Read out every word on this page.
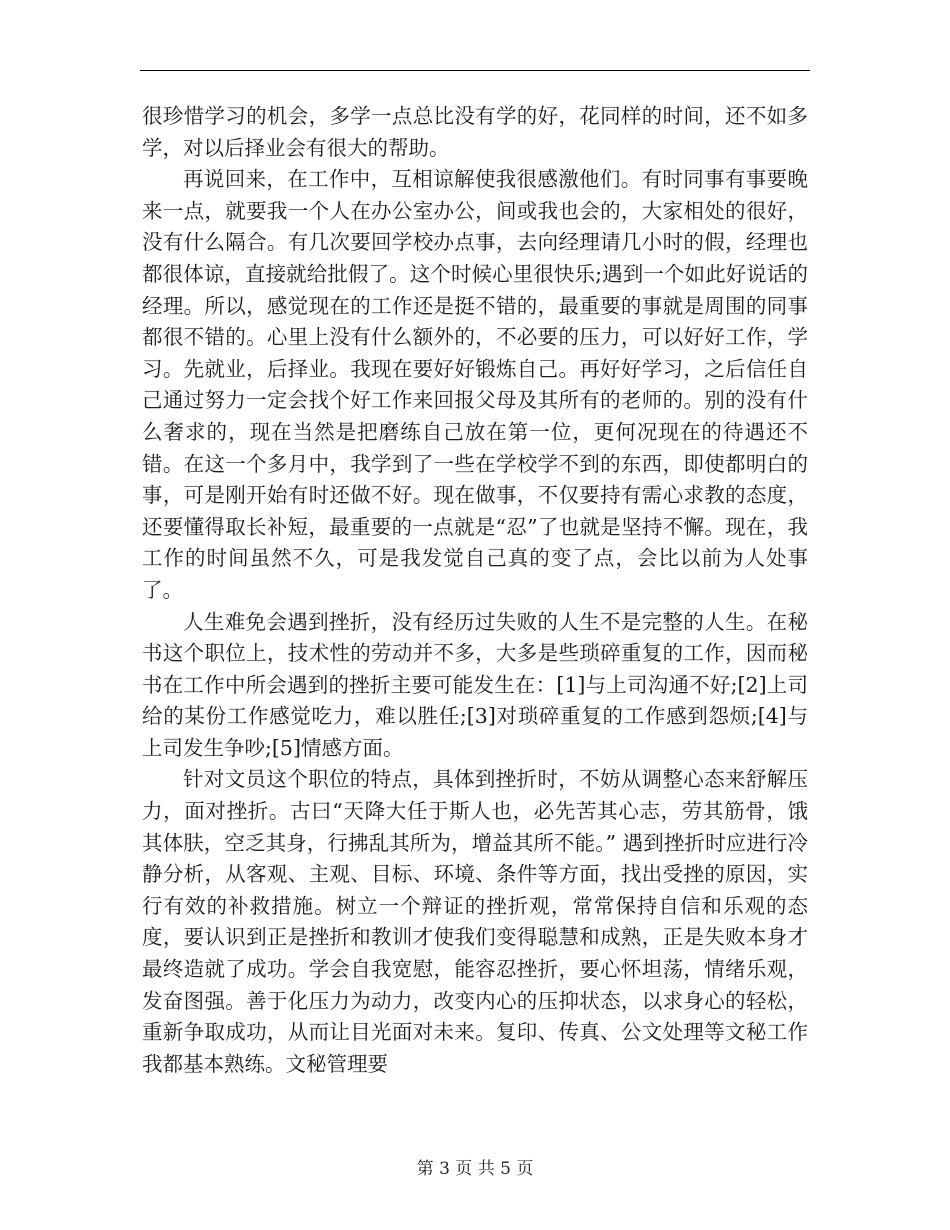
很珍惜学习的机会，多学一点总比没有学的好，花同样的时间，还不如多学，对以后择业会有很大的帮助。

再说回来，在工作中，互相谅解使我很感激他们。有时同事有事要晚来一点，就要我一个人在办公室办公，间或我也会的，大家相处的很好，没有什么隔合。有几次要回学校办点事，去向经理请几小时的假，经理也都很体谅，直接就给批假了。这个时候心里很快乐;遇到一个如此好说话的经理。所以，感觉现在的工作还是挺不错的，最重要的事就是周围的同事都很不错的。心里上没有什么额外的，不必要的压力，可以好好工作，学习。先就业，后择业。我现在要好好锻炼自己。再好好学习，之后信任自己通过努力一定会找个好工作来回报父母及其所有的老师的。别的没有什么奢求的，现在当然是把磨练自己放在第一位，更何况现在的待遇还不错。在这一个多月中，我学到了一些在学校学不到的东西，即使都明白的事，可是刚开始有时还做不好。现在做事，不仅要持有需心求教的态度，还要懂得取长补短，最重要的一点就是“忍”了也就是坚持不懈。现在，我工作的时间虽然不久，可是我发觉自己真的变了点，会比以前为人处事了。

人生难免会遇到挫折，没有经历过失败的人生不是完整的人生。在秘书这个职位上，技术性的劳动并不多，大多是些琐碎重复的工作，因而秘书在工作中所会遇到的挫折主要可能发生在：[1]与上司沟通不好;[2]上司给的某份工作感觉吃力，难以胜任;[3]对琐碎重复的工作感到怨烦;[4]与上司发生争吵;[5]情感方面。

针对文员这个职位的特点，具体到挫折时，不妨从调整心态来舒解压力，面对挫折。古曰“天降大任于斯人也，必先苦其心志，劳其筋骨，饿其体肤，空乏其身，行拂乱其所为，增益其所不能。” 遇到挫折时应进行冷静分析，从客观、主观、目标、环境、条件等方面，找出受挫的原因，实行有效的补救措施。树立一个辩证的挫折观，常常保持自信和乐观的态度，要认识到正是挫折和教训才使我们变得聪慧和成熟，正是失败本身才最终造就了成功。学会自我宽慰，能容忍挫折，要心怀坦荡，情绪乐观，发奋图强。善于化压力为动力，改变内心的压抑状态，以求身心的轻松，重新争取成功，从而让目光面对未来。复印、传真、公文处理等文秘工作我都基本熟练。文秘管理要

第 3 页 共 5 页
